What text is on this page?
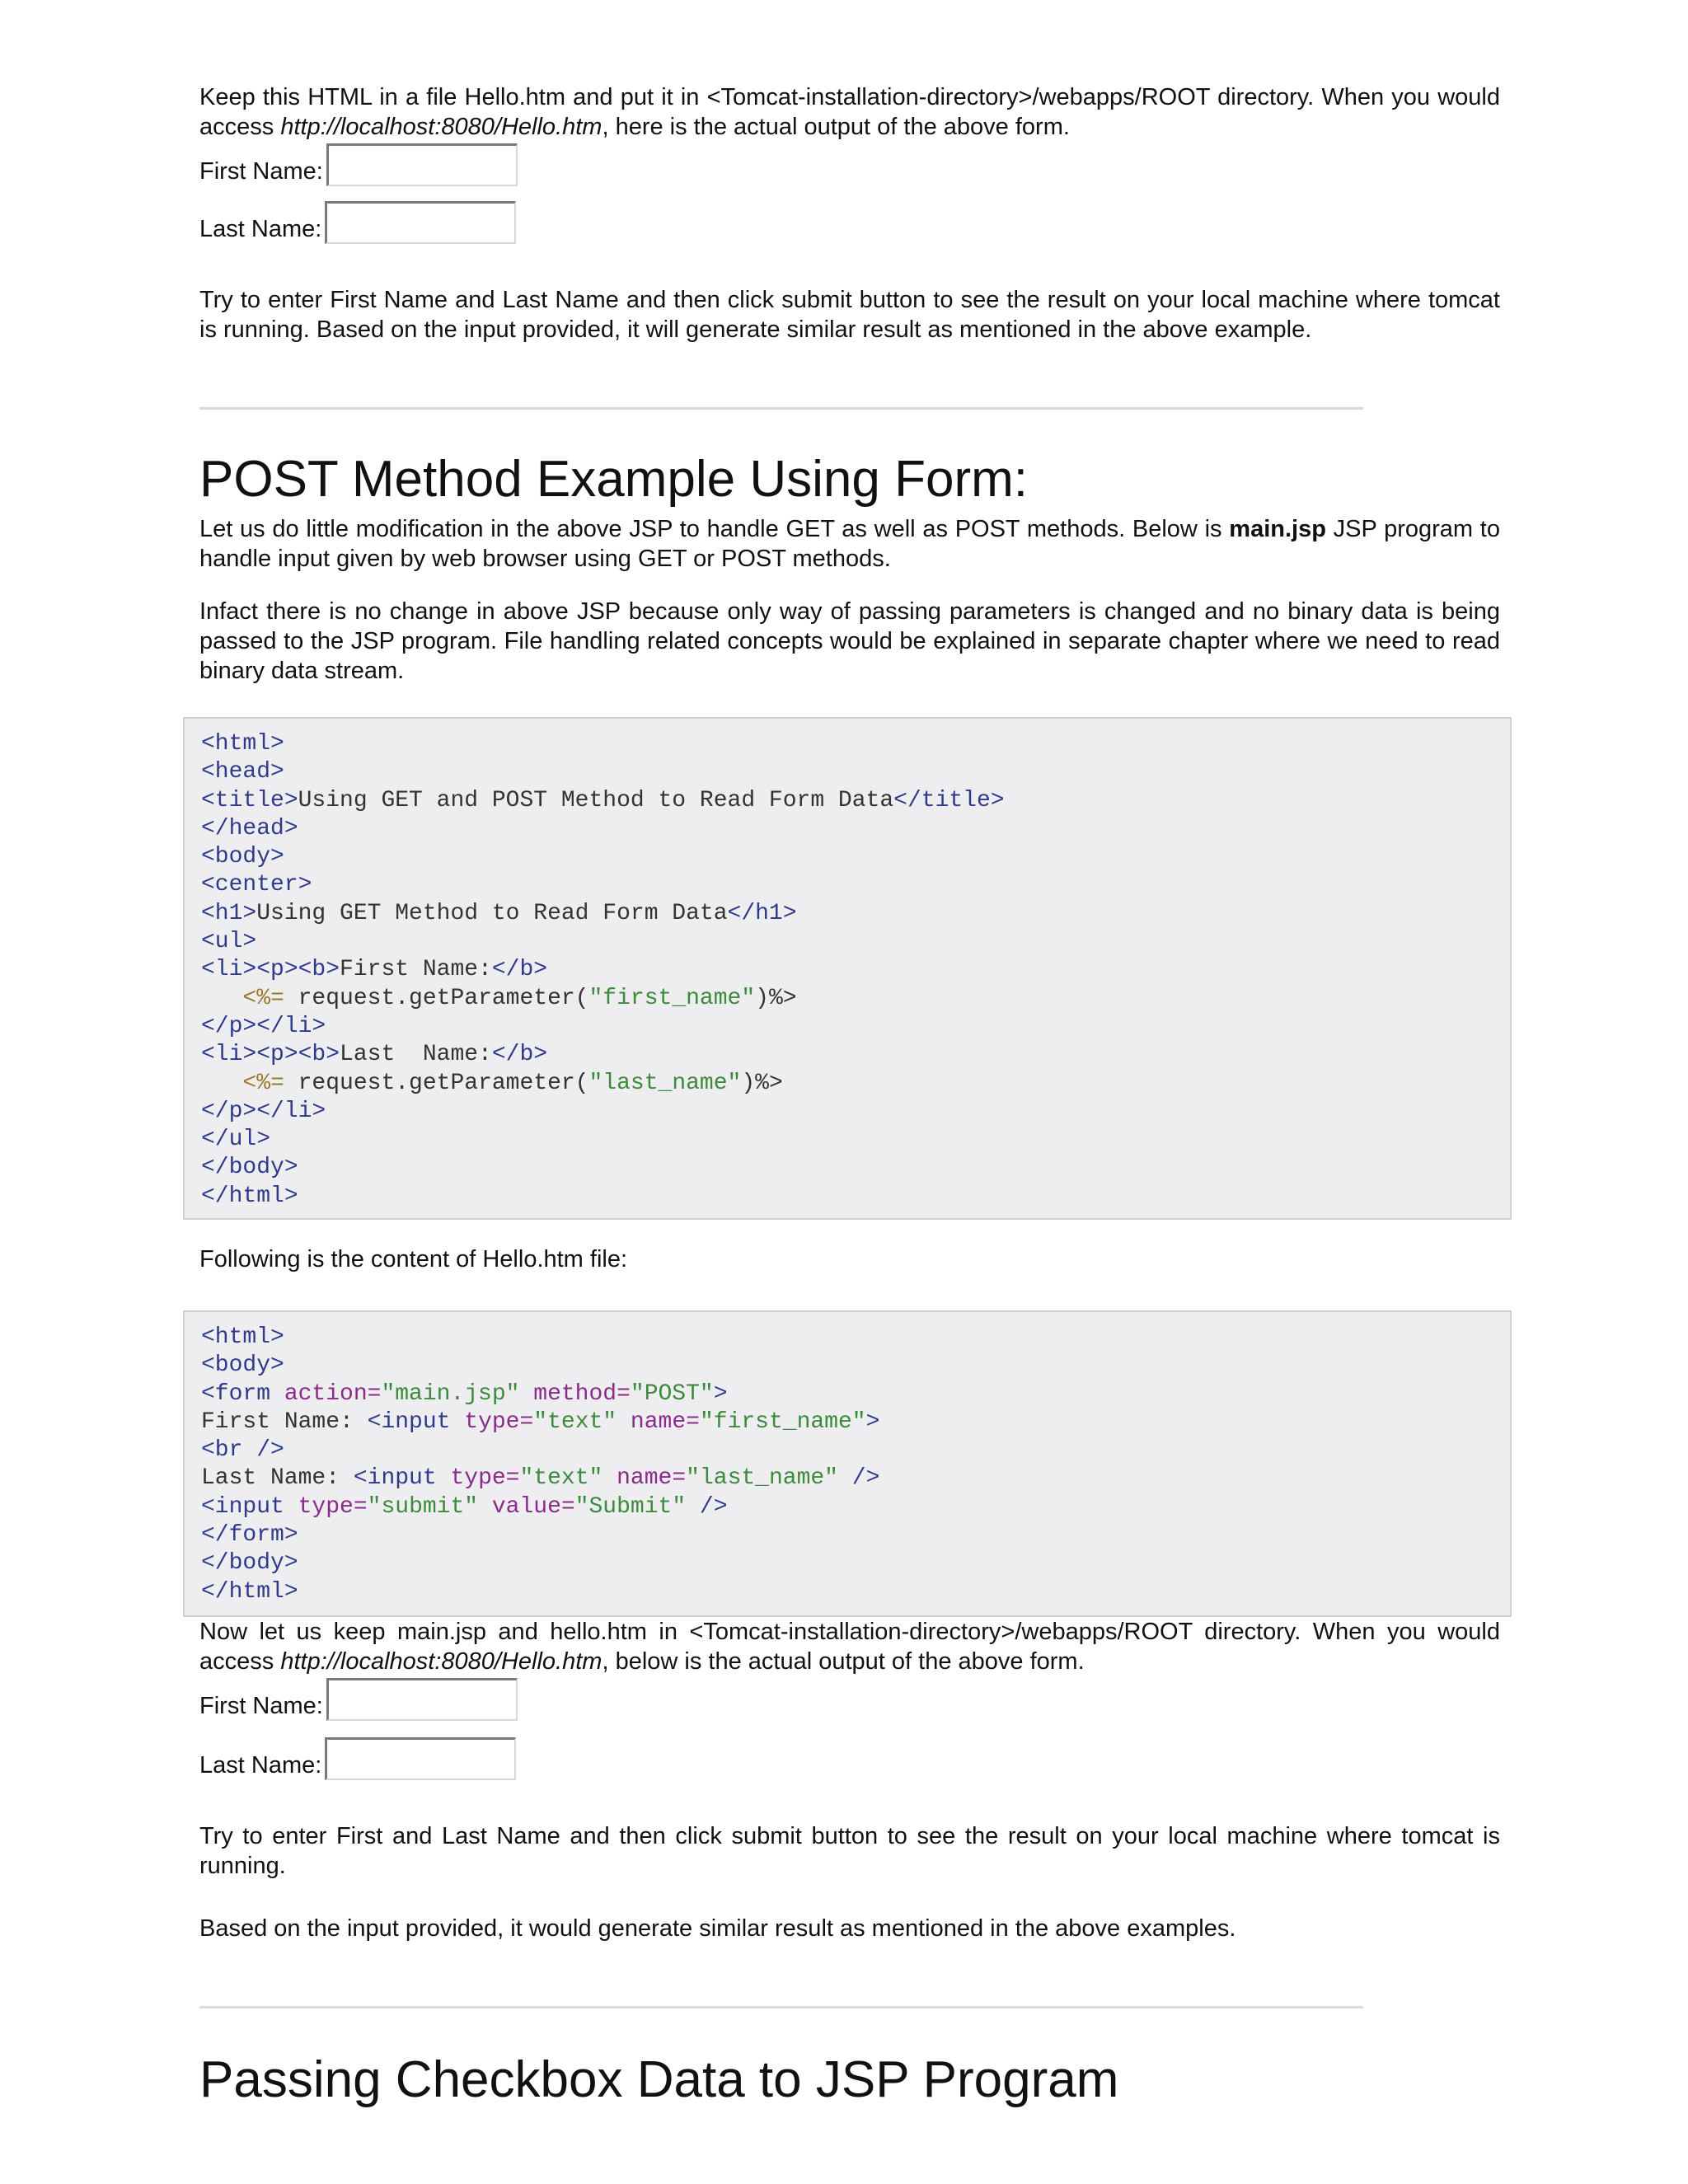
Keep this HTML in a file Hello.htm and put it in <Tomcat-installation-directory>/webapps/ROOT directory. When you would access http://localhost:8080/Hello.htm, here is the actual output of the above form.

First Name:
Last Name:

Try to enter First Name and Last Name and then click submit button to see the result on your local machine where tomcat is running. Based on the input provided, it will generate similar result as mentioned in the above example.

POST Method Example Using Form:

Let us do little modification in the above JSP to handle GET as well as POST methods. Below is main.jsp JSP program to handle input given by web browser using GET or POST methods.

Infact there is no change in above JSP because only way of passing parameters is changed and no binary data is being passed to the JSP program. File handling related concepts would be explained in separate chapter where we need to read binary data stream.

<html>
<head>
<title>Using GET and POST Method to Read Form Data</title>
</head>
<body>
<center>
<h1>Using GET Method to Read Form Data</h1>
<ul>
<li><p><b>First Name:</b>
<%= request.getParameter("first_name")%>
</p></li>
<li><p><b>Last  Name:</b>
<%= request.getParameter("last_name")%>
</p></li>
</ul>
</body>
</html>

Following is the content of Hello.htm file:

<html>
<body>
<form action="main.jsp" method="POST">
First Name: <input type="text" name="first_name">
<br />
Last Name: <input type="text" name="last_name" />
<input type="submit" value="Submit" />
</form>
</body>
</html>

Now let us keep main.jsp and hello.htm in <Tomcat-installation-directory>/webapps/ROOT directory. When you would access http://localhost:8080/Hello.htm, below is the actual output of the above form.

First Name:
Last Name:

Try to enter First and Last Name and then click submit button to see the result on your local machine where tomcat is running.

Based on the input provided, it would generate similar result as mentioned in the above examples.

Passing Checkbox Data to JSP Program
